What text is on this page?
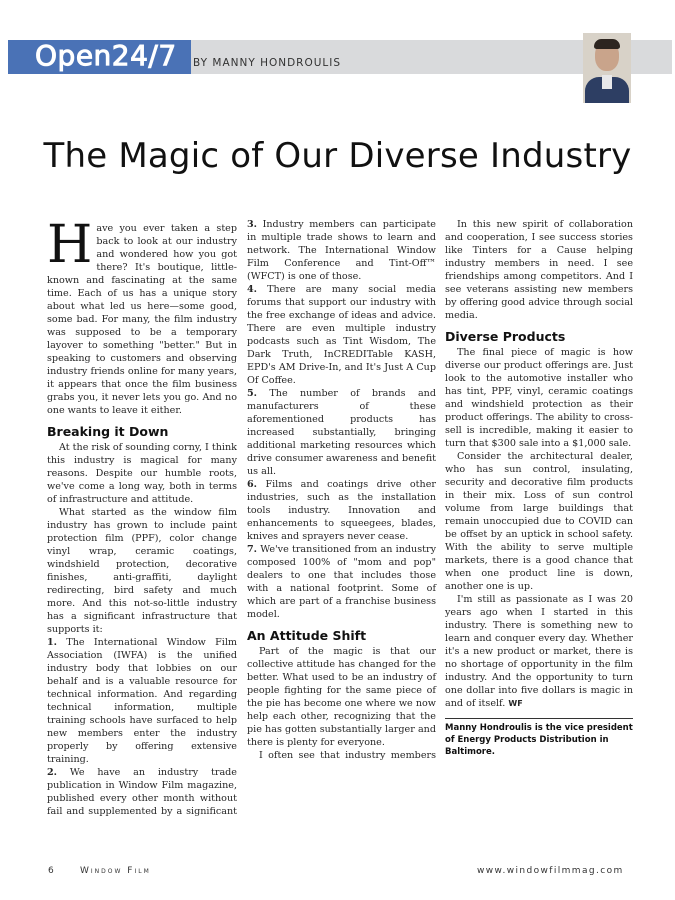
Open24/7 BY MANNY HONDROULIS
The Magic of Our Diverse Industry

Have you ever taken a step back to look at our industry and wondered how you got there? It's boutique, little-known and fascinating at the same time. Each of us has a unique story about what led us here—some good, some bad. For many, the film industry was supposed to be a temporary layover to something "better." But in speaking to customers and observing industry friends online for many years, it appears that once the film business grabs you, it never lets you go. And no one wants to leave it either.

Breaking it Down

At the risk of sounding corny, I think this industry is magical for many reasons. Despite our humble roots, we've come a long way, both in terms of infrastructure and attitude.

What started as the window film industry has grown to include paint protection film (PPF), color change vinyl wrap, ceramic coatings, windshield protection, decorative finishes, anti-graffiti, daylight redirecting, bird safety and much more. And this not-so-little industry has a significant infrastructure that supports it:

1. The International Window Film Association (IWFA) is the unified industry body that lobbies on our behalf and is a valuable resource for technical information. And regarding technical information, multiple training schools have surfaced to help new members enter the industry properly by offering extensive training.
2. We have an industry trade publication in Window Film magazine, published every other month without fail and supplemented by a significant
3. Industry members can participate in multiple trade shows to learn and network. The International Window Film Conference and Tint-Off™ (WFCT) is one of those.
4. There are many social media forums that support our industry with the free exchange of ideas and advice. There are even multiple industry podcasts such as Tint Wisdom, The Dark Truth, InCREDITable KASH, EPD's AM Drive-In, and It's Just A Cup Of Coffee.
5. The number of brands and manufacturers of these aforementioned products has increased substantially, bringing additional marketing resources which drive consumer awareness and benefit us all.
6. Films and coatings drive other industries, such as the installation tools industry. Innovation and enhancements to squeegees, blades, knives and sprayers never cease.
7. We've transitioned from an industry composed 100% of "mom and pop" dealers to one that includes those with a national footprint. Some of which are part of a franchise business model.
An Attitude Shift

Part of the magic is that our collective attitude has changed for the better. What used to be an industry of people fighting for the same piece of the pie has become one where we now help each other, recognizing that the pie has gotten substantially larger and there is plenty for everyone.

I often see that industry members

In this new spirit of collaboration and cooperation, I see success stories like Tinters for a Cause helping industry members in need. I see friendships among competitors. And I see veterans assisting new members by offering good advice through social media.

Diverse Products

The final piece of magic is how diverse our product offerings are. Just look to the automotive installer who has tint, PPF, vinyl, ceramic coatings and windshield protection as their product offerings. The ability to cross-sell is incredible, making it easier to turn that $300 sale into a $1,000 sale.

Consider the architectural dealer, who has sun control, insulating, security and decorative film products in their mix. Loss of sun control volume from large buildings that remain unoccupied due to COVID can be offset by an uptick in school safety. With the ability to serve multiple markets, there is a good chance that when one product line is down, another one is up.

I'm still as passionate as I was 20 years ago when I started in this industry. There is something new to learn and conquer every day. Whether it's a new product or market, there is no shortage of opportunity in the film industry. And the opportunity to turn one dollar into five dollars is magic in and of itself. WF

Manny Hondroulis is the vice president of Energy Products Distribution in Baltimore.
6	Window Film	www.windowfilmmag.com
